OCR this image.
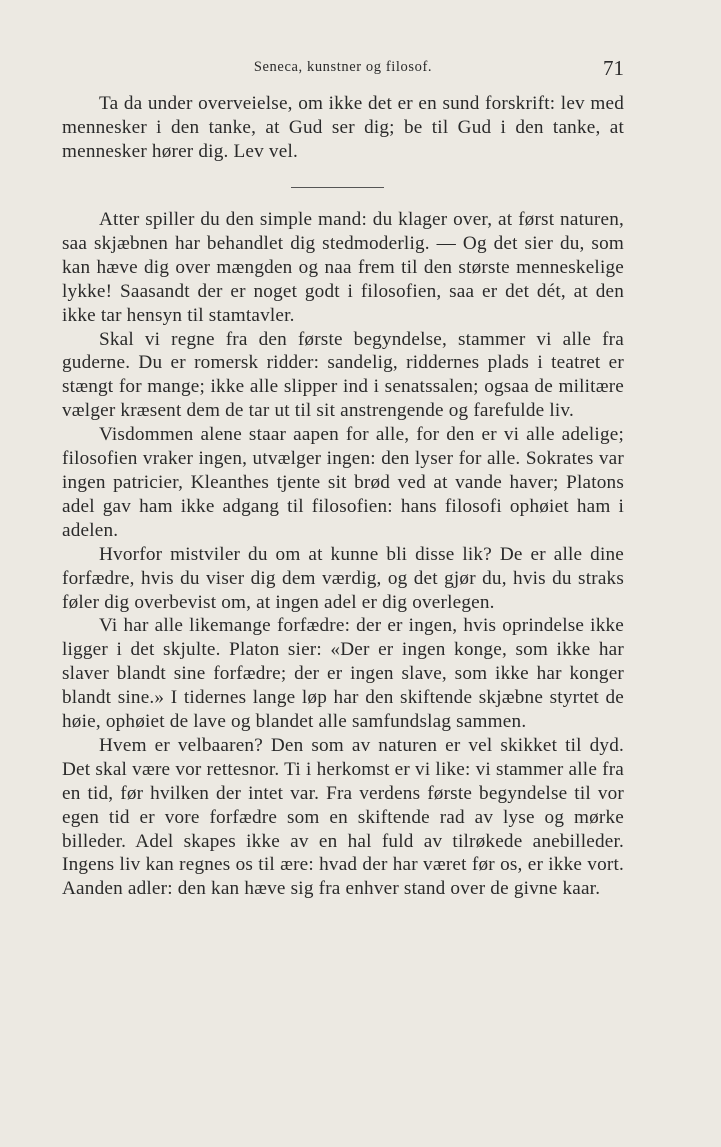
Seneca, kunstner og filosof.	71

Ta da under overveielse, om ikke det er en sund forskrift: lev med mennesker i den tanke, at Gud ser dig; be til Gud i den tanke, at mennesker hører dig. Lev vel.

Atter spiller du den simple mand: du klager over, at først naturen, saa skjæbnen har behandlet dig stedmoderlig. — Og det sier du, som kan hæve dig over mængden og naa frem til den største menneskelige lykke! Saasandt der er noget godt i filosofien, saa er det dét, at den ikke tar hensyn til stamtavler.

Skal vi regne fra den første begyndelse, stammer vi alle fra guderne. Du er romersk ridder: sandelig, riddernes plads i teatret er stængt for mange; ikke alle slipper ind i senatssalen; ogsaa de militære vælger kræsent dem de tar ut til sit anstrengende og farefulde liv.

Visdommen alene staar aapen for alle, for den er vi alle adelige; filosofien vraker ingen, utvælger ingen: den lyser for alle. Sokrates var ingen patricier, Kleanthes tjente sit brød ved at vande haver; Platons adel gav ham ikke adgang til filosofien: hans filosofi ophøiet ham i adelen.

Hvorfor mistviler du om at kunne bli disse lik? De er alle dine forfædre, hvis du viser dig dem værdig, og det gjør du, hvis du straks føler dig overbevist om, at ingen adel er dig overlegen.

Vi har alle likemange forfædre: der er ingen, hvis oprindelse ikke ligger i det skjulte. Platon sier: «Der er ingen konge, som ikke har slaver blandt sine forfædre; der er ingen slave, som ikke har konger blandt sine.» I tidernes lange løp har den skiftende skjæbne styrtet de høie, ophøiet de lave og blandet alle samfundslag sammen.

Hvem er velbaaren? Den som av naturen er vel skikket til dyd. Det skal være vor rettesnor. Ti i herkomst er vi like: vi stammer alle fra en tid, før hvilken der intet var. Fra verdens første begyndelse til vor egen tid er vore forfædre som en skiftende rad av lyse og mørke billeder. Adel skapes ikke av en hal fuld av tilrøkede anebilleder. Ingens liv kan regnes os til ære: hvad der har været før os, er ikke vort. Aanden adler: den kan hæve sig fra enhver stand over de givne kaar.
